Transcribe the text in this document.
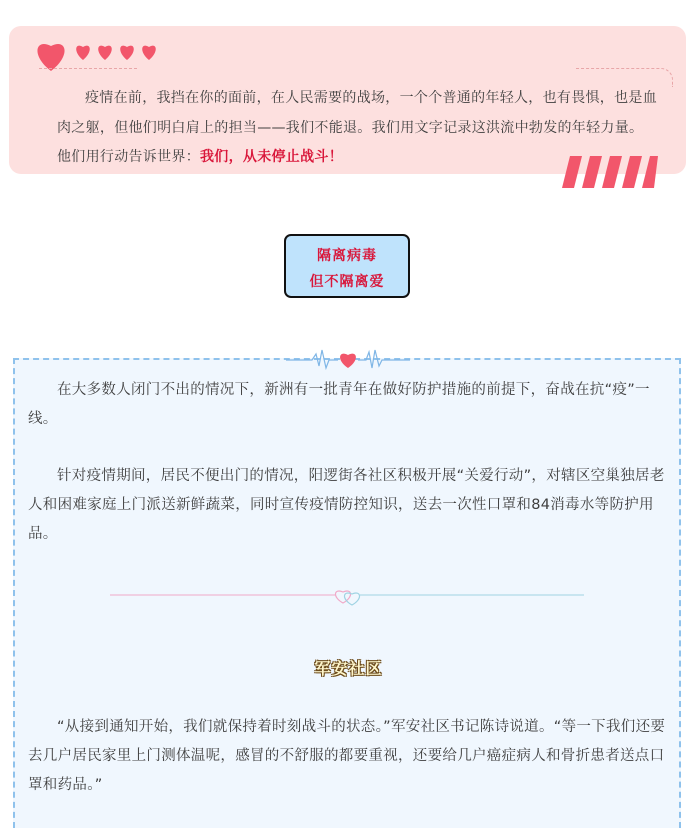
疫情在前，我挡在你的面前，在人民需要的战场，一个个普通的年轻人，也有畏惧，也是血肉之躯，但他们明白肩上的担当——我们不能退。我们用文字记录这洪流中勃发的年轻力量。他们用行动告诉世界：我们，从未停止战斗！

隔离病毒
但不隔离爱

在大多数人闭门不出的情况下，新洲有一批青年在做好防护措施的前提下，奋战在抗“疫”一线。

针对疫情期间，居民不便出门的情况，阳逻街各社区积极开展“关爱行动”，对辖区空巢独居老人和困难家庭上门派送新鲜蔬菜，同时宣传疫情防控知识，送去一次性口罩和84消毒水等防护用品。

军安社区

“从接到通知开始，我们就保持着时刻战斗的状态。”军安社区书记陈诗说道。“等一下我们还要去几户居民家里上门测体温呢，感冒的不舒服的都要重视，还要给几户癌症病人和骨折患者送点口罩和药品。”
